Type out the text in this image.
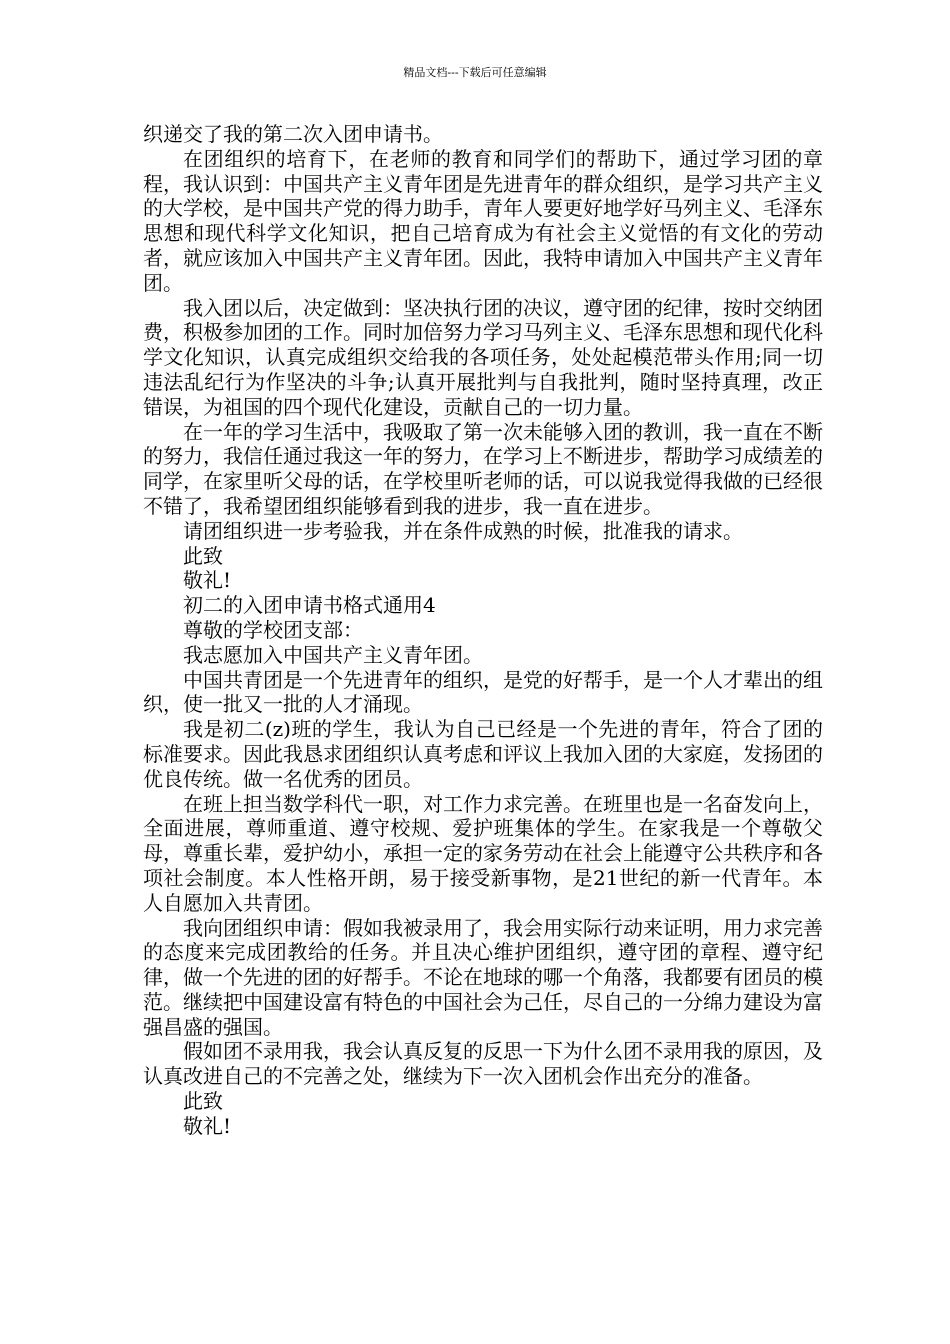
精品文档---下载后可任意编辑

织递交了我的第二次入团申请书。

在团组织的培育下，在老师的教育和同学们的帮助下，通过学习团的章程，我认识到：中国共产主义青年团是先进青年的群众组织，是学习共产主义的大学校，是中国共产党的得力助手，青年人要更好地学好马列主义、毛泽东思想和现代科学文化知识，把自己培育成为有社会主义觉悟的有文化的劳动者，就应该加入中国共产主义青年团。因此，我特申请加入中国共产主义青年团。

我入团以后，决定做到：坚决执行团的决议，遵守团的纪律，按时交纳团费，积极参加团的工作。同时加倍努力学习马列主义、毛泽东思想和现代化科学文化知识，认真完成组织交给我的各项任务，处处起模范带头作用;同一切违法乱纪行为作坚决的斗争;认真开展批判与自我批判，随时坚持真理，改正错误，为祖国的四个现代化建设，贡献自己的一切力量。

在一年的学习生活中，我吸取了第一次未能够入团的教训，我一直在不断的努力，我信任通过我这一年的努力，在学习上不断进步，帮助学习成绩差的同学，在家里听父母的话，在学校里听老师的话，可以说我觉得我做的已经很不错了，我希望团组织能够看到我的进步，我一直在进步。

请团组织进一步考验我，并在条件成熟的时候，批准我的请求。

此致

敬礼!

初二的入团申请书格式通用4

尊敬的学校团支部：

我志愿加入中国共产主义青年团。

中国共青团是一个先进青年的组织，是党的好帮手，是一个人才辈出的组织，使一批又一批的人才涌现。

我是初二(z)班的学生，我认为自己已经是一个先进的青年，符合了团的标准要求。因此我恳求团组织认真考虑和评议上我加入团的大家庭，发扬团的优良传统。做一名优秀的团员。

在班上担当数学科代一职，对工作力求完善。在班里也是一名奋发向上，全面进展，尊师重道、遵守校规、爱护班集体的学生。在家我是一个尊敬父母，尊重长辈，爱护幼小，承担一定的家务劳动在社会上能遵守公共秩序和各项社会制度。本人性格开朗，易于接受新事物，是21世纪的新一代青年。本人自愿加入共青团。

我向团组织申请：假如我被录用了，我会用实际行动来证明，用力求完善的态度来完成团教给的任务。并且决心维护团组织，遵守团的章程、遵守纪律，做一个先进的团的好帮手。不论在地球的哪一个角落，我都要有团员的模范。继续把中国建设富有特色的中国社会为己任，尽自己的一分绵力建设为富强昌盛的强国。

假如团不录用我，我会认真反复的反思一下为什么团不录用我的原因，及认真改进自己的不完善之处，继续为下一次入团机会作出充分的准备。

此致

敬礼!
